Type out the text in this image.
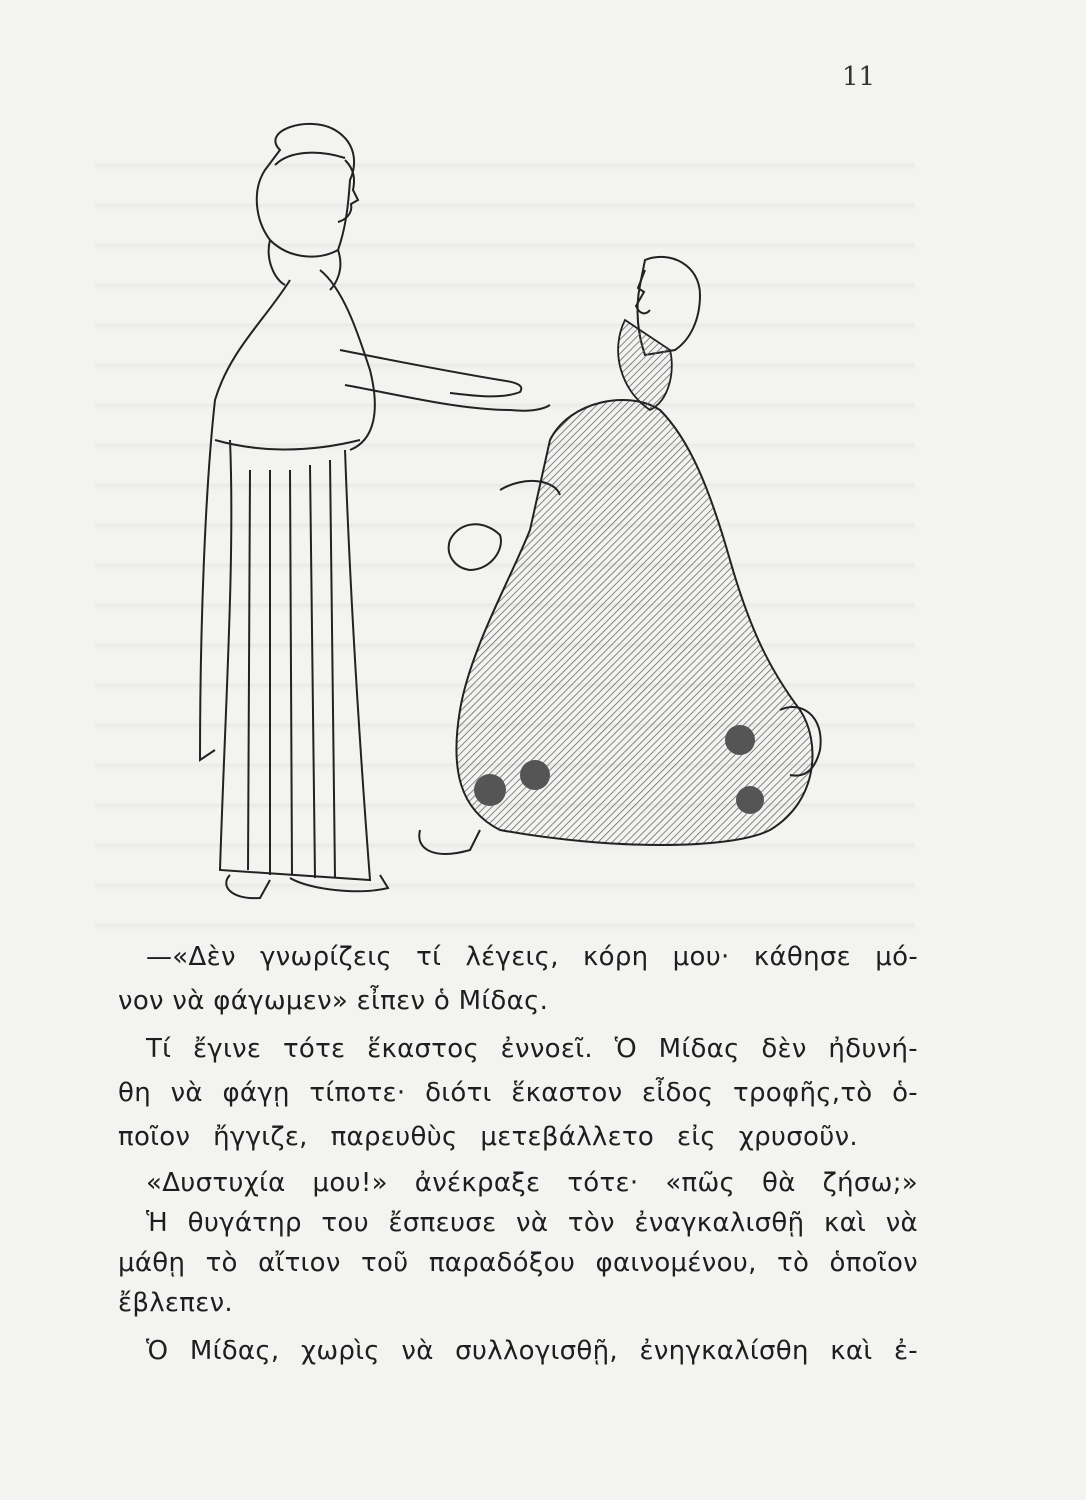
11
—«Δὲν γνωρίζεις τί λέγεις, κόρη μου· κάθησε μό-
νον νὰ φάγωμεν» εἶπεν ὁ Μίδας.
Τί ἔγινε τότε ἕκαστος ἐννοεῖ. Ὁ Μίδας δὲν ἠδυνή-
θη νὰ φάγῃ τίποτε· διότι ἕκαστον εἶδος τροφῆς,τὸ ὁ-
ποῖον ἤγγιζε, παρευθὺς μετεβάλλετο εἰς χρυσοῦν.
«Δυστυχία μου!» ἀνέκραξε τότε· «πῶς θὰ ζήσω;»
Ἡ θυγάτηρ του ἔσπευσε νὰ τὸν ἐναγκαλισθῇ καὶ νὰ
μάθῃ τὸ αἴτιον τοῦ παραδόξου φαινομένου, τὸ ὁποῖον
ἔβλεπεν.
Ὁ Μίδας, χωρὶς νὰ συλλογισθῇ, ἐνηγκαλίσθη καὶ ἐ-
